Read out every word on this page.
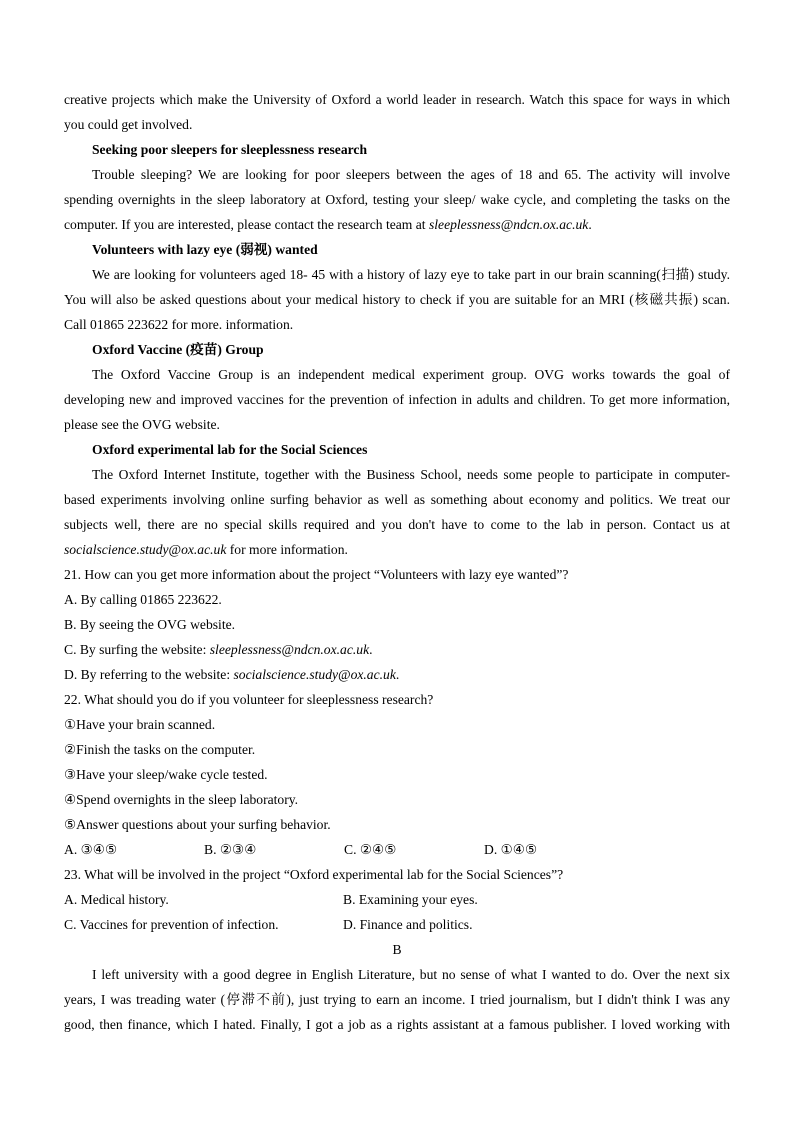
creative projects which make the University of Oxford a world leader in research. Watch this space for ways in which
you could get involved.
Seeking poor sleepers for sleeplessness research
Trouble sleeping? We are looking for poor sleepers between the ages of 18 and 65. The activity will involve
spending overnights in the sleep laboratory at Oxford, testing your sleep/ wake cycle, and completing the tasks on the
computer. If you are interested, please contact the research team at sleeplessness@ndcn.ox.ac.uk.
Volunteers with lazy eye (弱视) wanted
We are looking for volunteers aged 18- 45 with a history of lazy eye to take part in our brain scanning(扫描) study.
You will also be asked questions about your medical history to check if you are suitable for an MRI (核磁共振) scan.
Call 01865 223622 for more. information.
Oxford Vaccine (疫苗) Group
The Oxford Vaccine Group is an independent medical experiment group. OVG works towards the goal of
developing new and improved vaccines for the prevention of infection in adults and children. To get more information,
please see the OVG website.
Oxford experimental lab for the Social Sciences
The Oxford Internet Institute, together with the Business School, needs some people to participate in computer-
based experiments involving online surfing behavior as well as something about economy and politics. We treat our
subjects well, there are no special skills required and you don't have to come to the lab in person. Contact us at
socialscience.study@ox.ac.uk for more information.
21. How can you get more information about the project “Volunteers with lazy eye wanted”?
A. By calling 01865 223622.
B. By seeing the OVG website.
C. By surfing the website: sleeplessness@ndcn.ox.ac.uk.
D. By referring to the website: socialscience.study@ox.ac.uk.
22. What should you do if you volunteer for sleeplessness research?
①Have your brain scanned.
②Finish the tasks on the computer.
③Have your sleep/wake cycle tested.
④Spend overnights in the sleep laboratory.
⑤Answer questions about your surfing behavior.
A. ③④⑤	B. ②③④	C. ②④⑤	D. ①④⑤
23. What will be involved in the project “Oxford experimental lab for the Social Sciences”?
A. Medical history.	B. Examining your eyes.
C. Vaccines for prevention of infection.	D. Finance and politics.
B
I left university with a good degree in English Literature, but no sense of what I wanted to do. Over the next six
years, I was treading water (停滞不前), just trying to earn an income. I tried journalism, but I didn't think I was any
good, then finance, which I hated. Finally, I got a job as a rights assistant at a famous publisher. I loved working with
